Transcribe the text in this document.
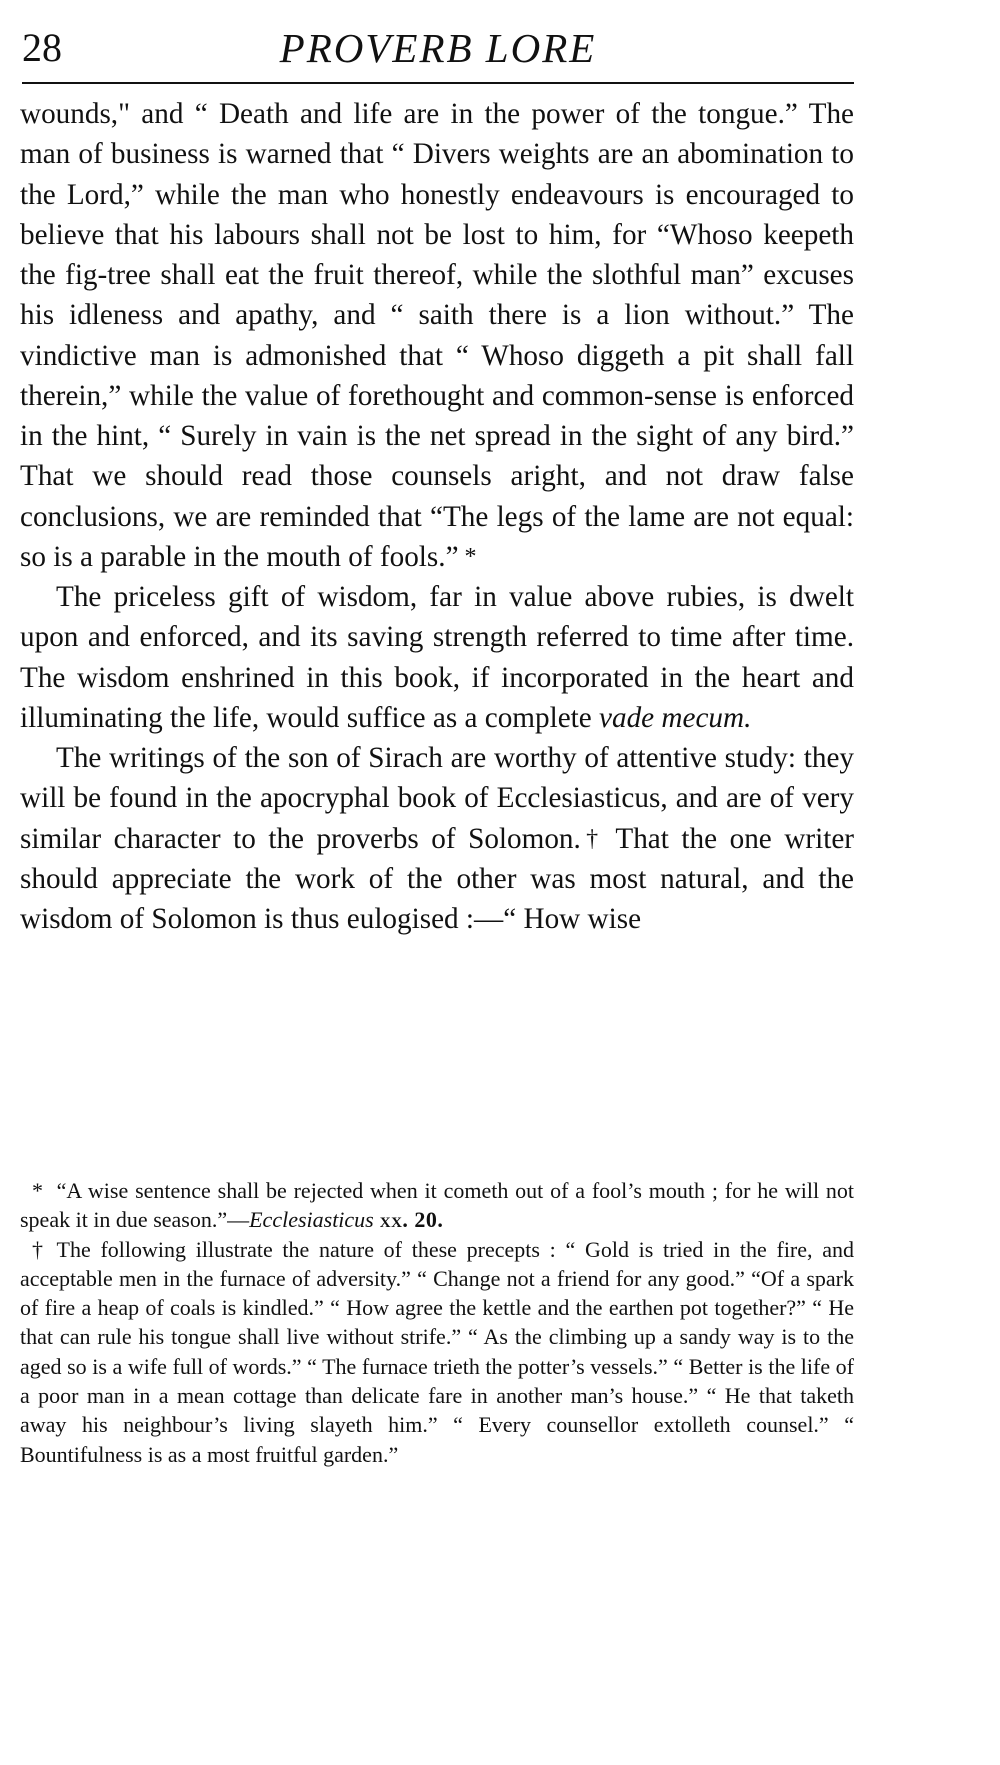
28	PROVERB LORE

wounds," and “ Death and life are in the power of the tongue.” The man of business is warned that “ Divers weights are an abomination to the Lord,” while the man who honestly endeavours is encouraged to believe that his labours shall not be lost to him, for “Whoso keepeth the fig-tree shall eat the fruit thereof, while the slothful man” excuses his idleness and apathy, and “ saith there is a lion without.” The vindictive man is admonished that “ Whoso diggeth a pit shall fall therein,” while the value of forethought and common-sense is enforced in the hint, “ Surely in vain is the net spread in the sight of any bird.” That we should read those counsels aright, and not draw false conclusions, we are reminded that “The legs of the lame are not equal: so is a parable in the mouth of fools.” *

The priceless gift of wisdom, far in value above rubies, is dwelt upon and enforced, and its saving strength referred to time after time. The wisdom enshrined in this book, if incorporated in the heart and illuminating the life, would suffice as a complete vade mecum.

The writings of the son of Sirach are worthy of attentive study: they will be found in the apocryphal book of Ecclesiasticus, and are of very similar character to the proverbs of Solomon.† That the one writer should appreciate the work of the other was most natural, and the wisdom of Solomon is thus eulogised :—“ How wise

* “A wise sentence shall be rejected when it cometh out of a fool’s mouth ; for he will not speak it in due season.”—Ecclesiasticus xx. 20.

† The following illustrate the nature of these precepts : “ Gold is tried in the fire, and acceptable men in the furnace of adversity.” “ Change not a friend for any good.” “Of a spark of fire a heap of coals is kindled.” “ How agree the kettle and the earthen pot together?” “ He that can rule his tongue shall live without strife.” “ As the climbing up a sandy way is to the aged so is a wife full of words.” “ The furnace trieth the potter’s vessels.” “ Better is the life of a poor man in a mean cottage than delicate fare in another man’s house.” “ He that taketh away his neighbour’s living slayeth him.” “ Every counsellor extolleth counsel.” “ Bountifulness is as a most fruitful garden.”
